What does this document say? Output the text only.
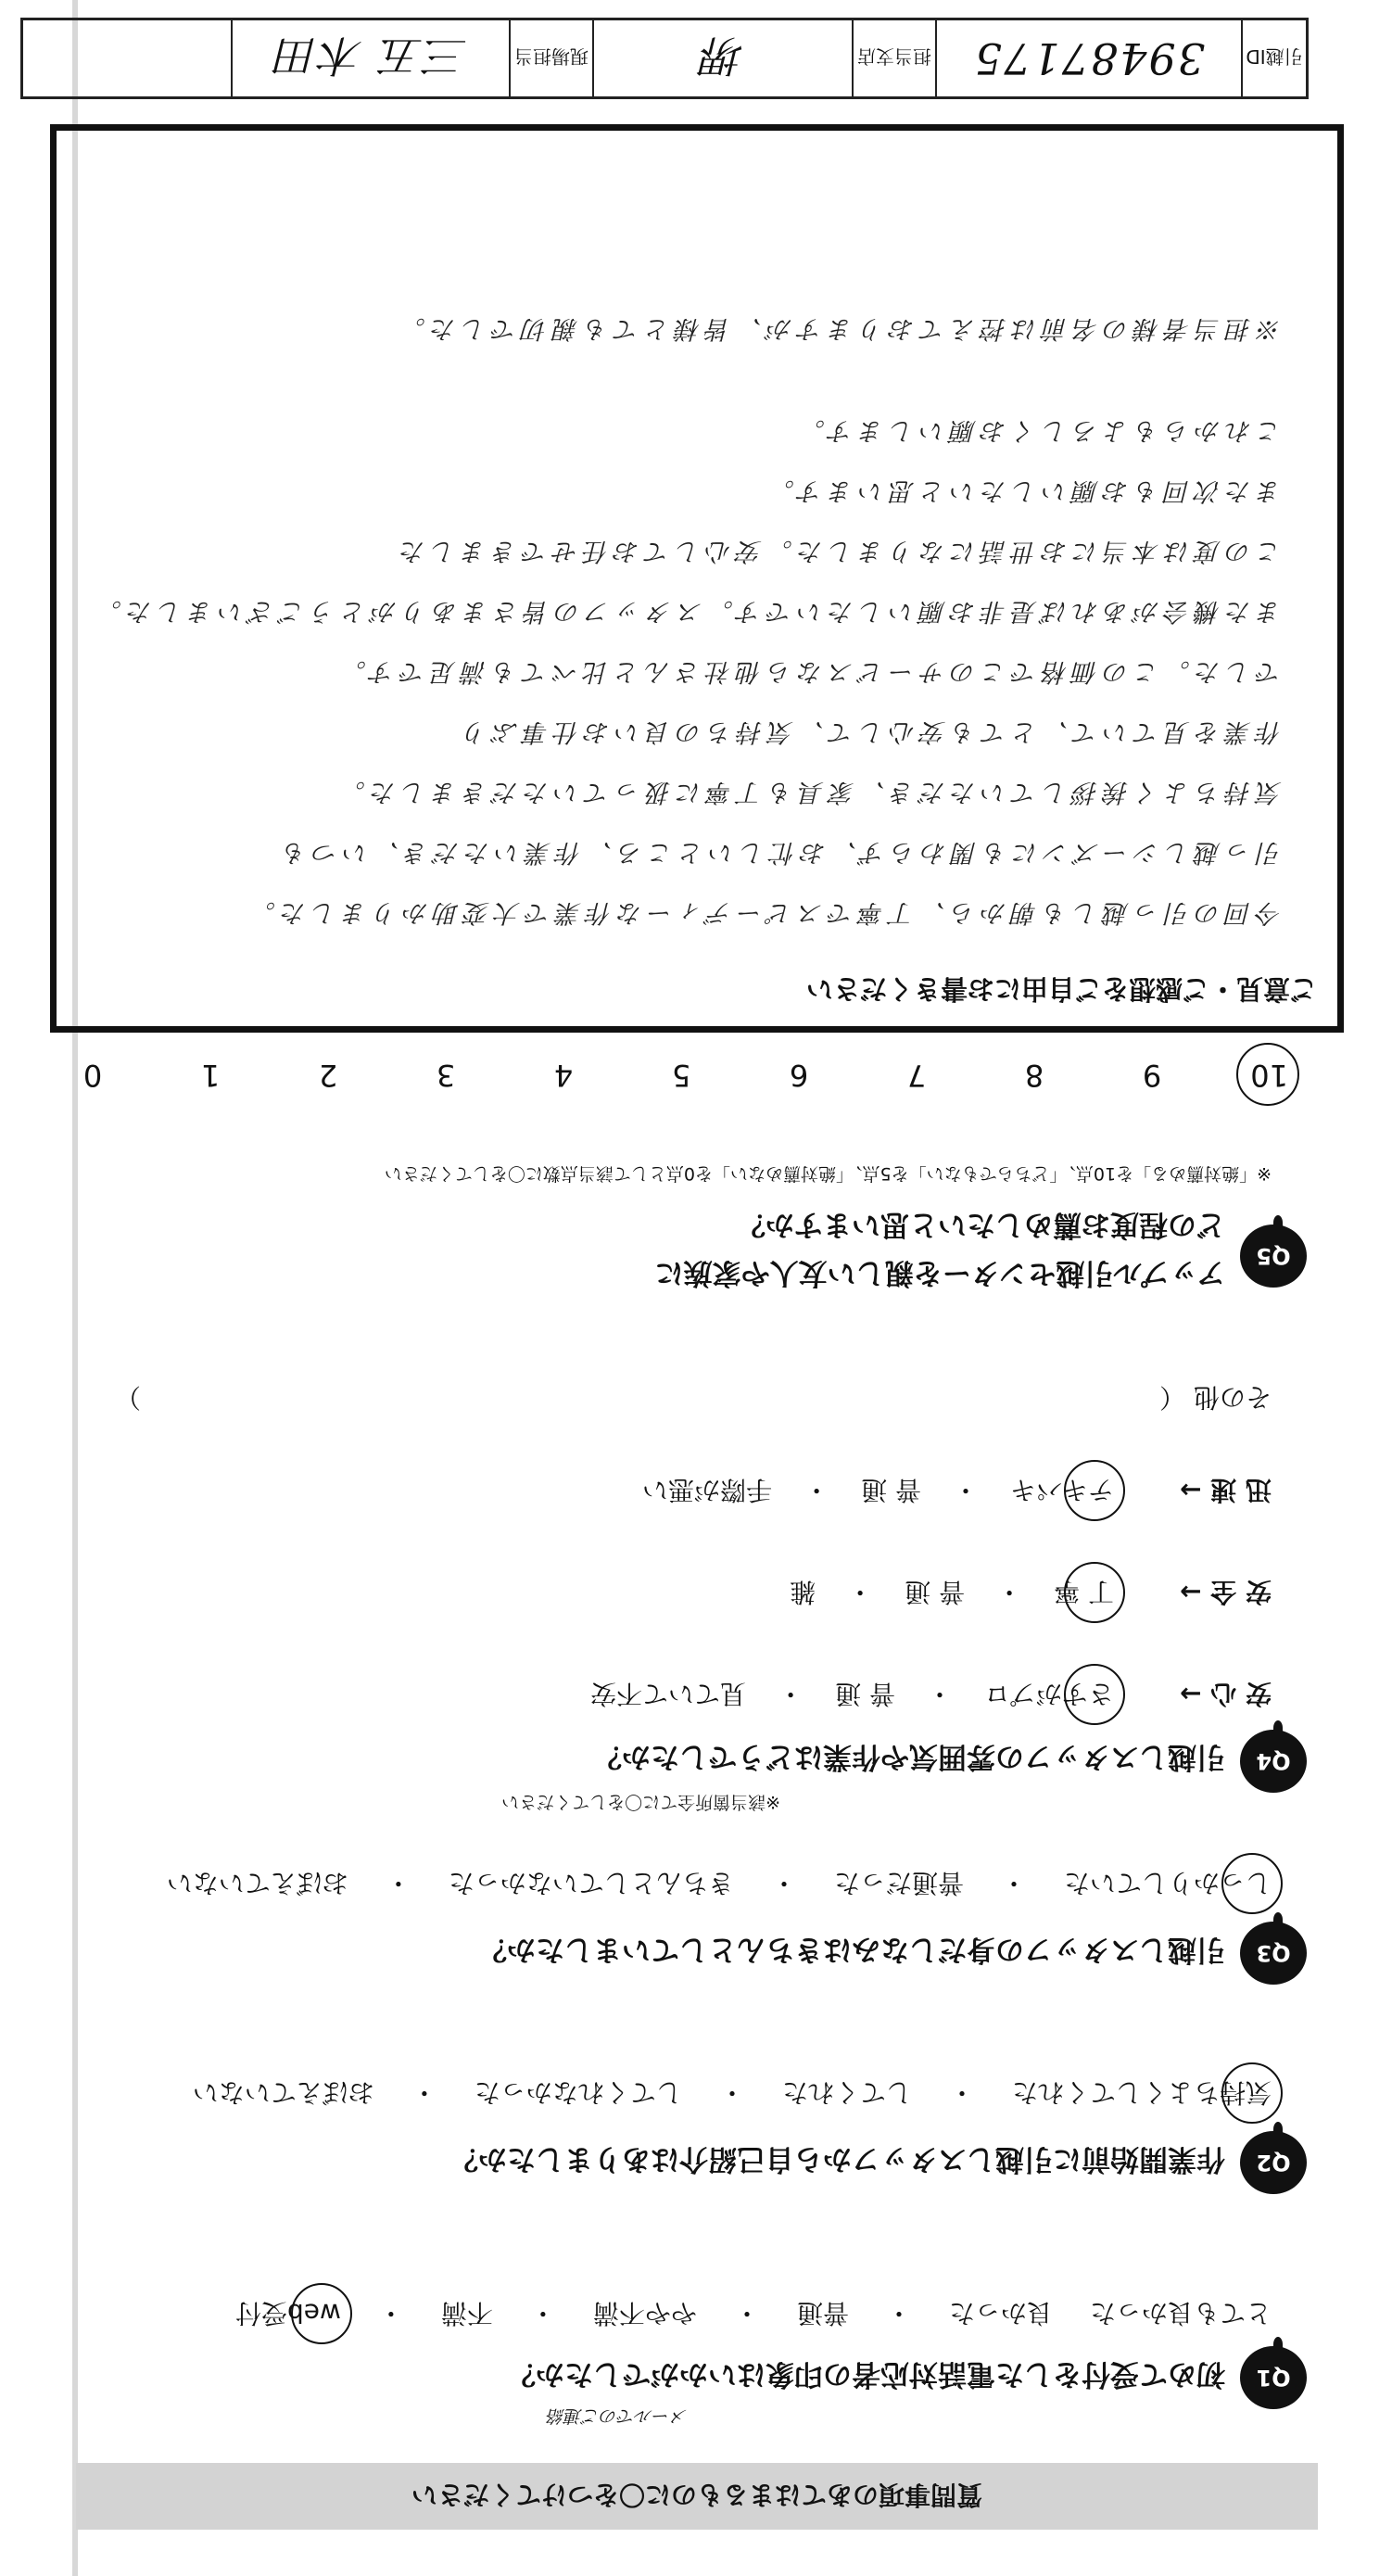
引越ID
39487175
担当支店
堺
現場担当
三五 木田
質問事項のあてはまるものに〇をつけてください
Q1
初めて受付をした電話対応者の印象はいかがでしたか？
メールでのご連絡
とても良かった
良かった
・
普通
・
やや不満
・
不満
・
web受付
Q2
作業開始前に引越しスタッフから自己紹介はありましたか？
気持ちよくしてくれた
・
してくれた
・
してくれなかった
・
おぼえていない
Q3
引越しスタッフの身だしなみはきちんとしていましたか？
しっかりしていた
・
普通だった
・
きちんとしていなかった
・
おぼえていない
Q4
引越しスタッフの雰囲気や作業はどうでしたか？
※該当箇所全てに〇をしてください
安 心 →
さすがプロ
・
普 通
・
見ていて不安
安 全 →
丁 寧
・
普 通
・
雑
迅 速 →
テキパキ
・
普 通
・
手際が悪い
その他 （
）
Q5
アップル引越センターを親しい友人や家族に
どの程度お薦めしたいと思いますか？
※「絶対薦める」を10点、「どちらでもない」を5点、「絶対薦めない」を0点として該当点数に〇をしてください
10
9
8
7
6
5
4
3
2
1
0
ご意見・ご感想をご自由にお書きください
今回の引っ越しも朝から、丁寧でスピーディーな作業で大変助かりました。
引っ越しシーズンにも関わらず、お忙しいところ、作業いただき、いつも
気持ちよく挨拶していただき、家具も丁寧に扱っていただきました。
作業を見ていて、とても安心して、気持ちの良いお仕事ぶり
でした。この価格でこのサービスなら他社さんと比べても満足です。
また機会があれば是非お願いしたいです。スタッフの皆さまありがとうございました。
この度は本当にお世話になりました。安心してお任せできました
また次回もお願いしたいと思います。
これからもよろしくお願いします。
※担当者様の名前は控えておりますが、皆様とても親切でした。
